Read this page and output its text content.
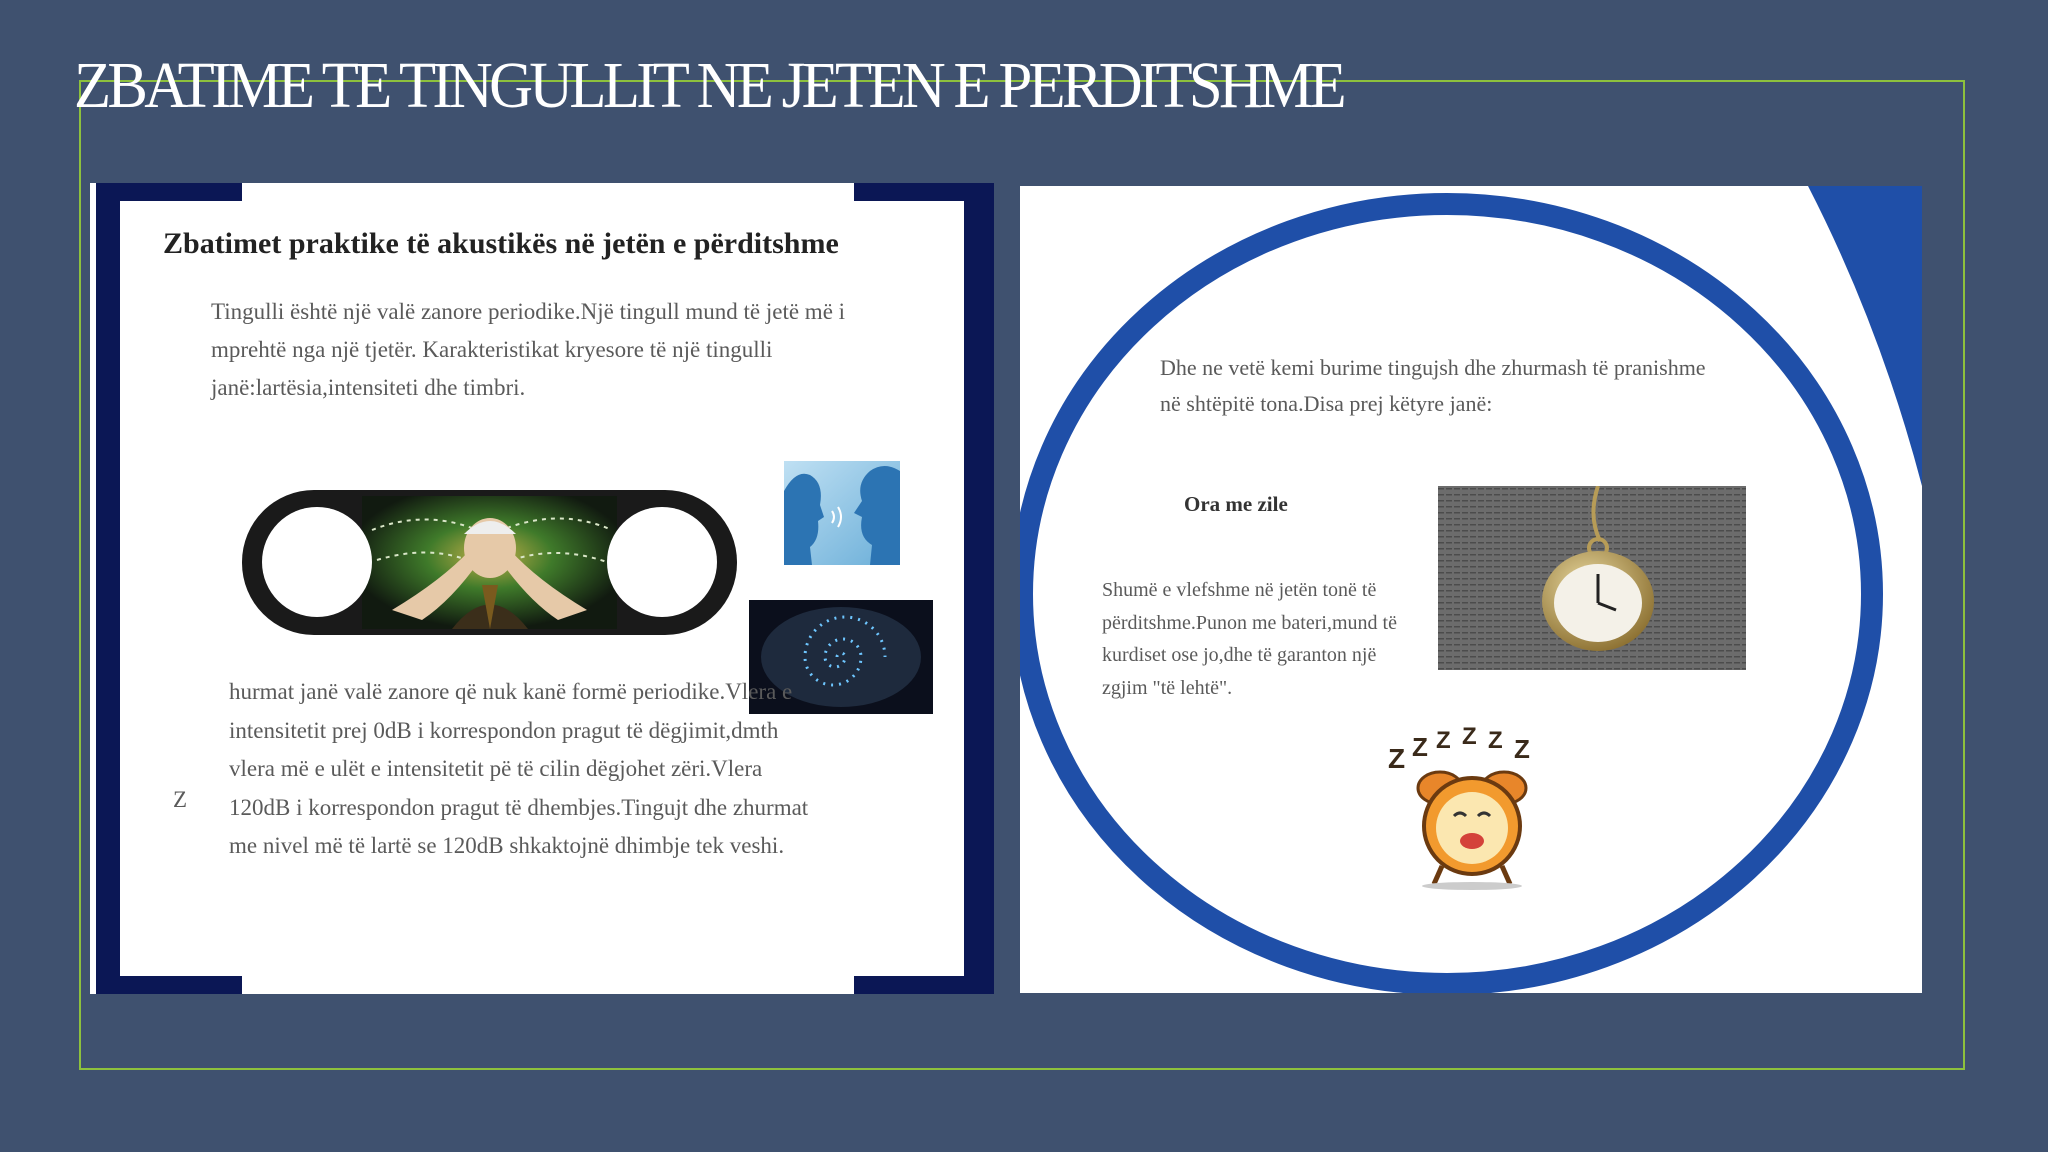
ZBATIME TE TINGULLIT NE JETEN E PERDITSHME
Zbatimet praktike të akustikës në jetën e përditshme

Tingulli është një valë zanore periodike.Një tingull mund të jetë më i mprehtë nga një tjetër. Karakteristikat kryesore të një tingulli janë:lartësia,intensiteti dhe timbri.

Z

hurmat janë valë zanore që nuk kanë formë periodike.Vlera e intensitetit prej 0dB i korrespondon pragut të dëgjimit,dmth vlera më e ulët e intensitetit pë të cilin dëgjohet zëri.Vlera 120dB i korrespondon pragut të dhembjes.Tingujt dhe zhurmat me nivel më të lartë se 120dB shkaktojnë dhimbje tek veshi.

Dhe ne vetë kemi burime tingujsh dhe zhurmash të pranishme në shtëpitë tona.Disa prej këtyre janë:

Ora me zile

Shumë e vlefshme në jetën tonë të përditshme.Punon me bateri,mund të kurdiset ose jo,dhe të garanton një zgjim "të lehtë".

Z Z Z Z Z Z
